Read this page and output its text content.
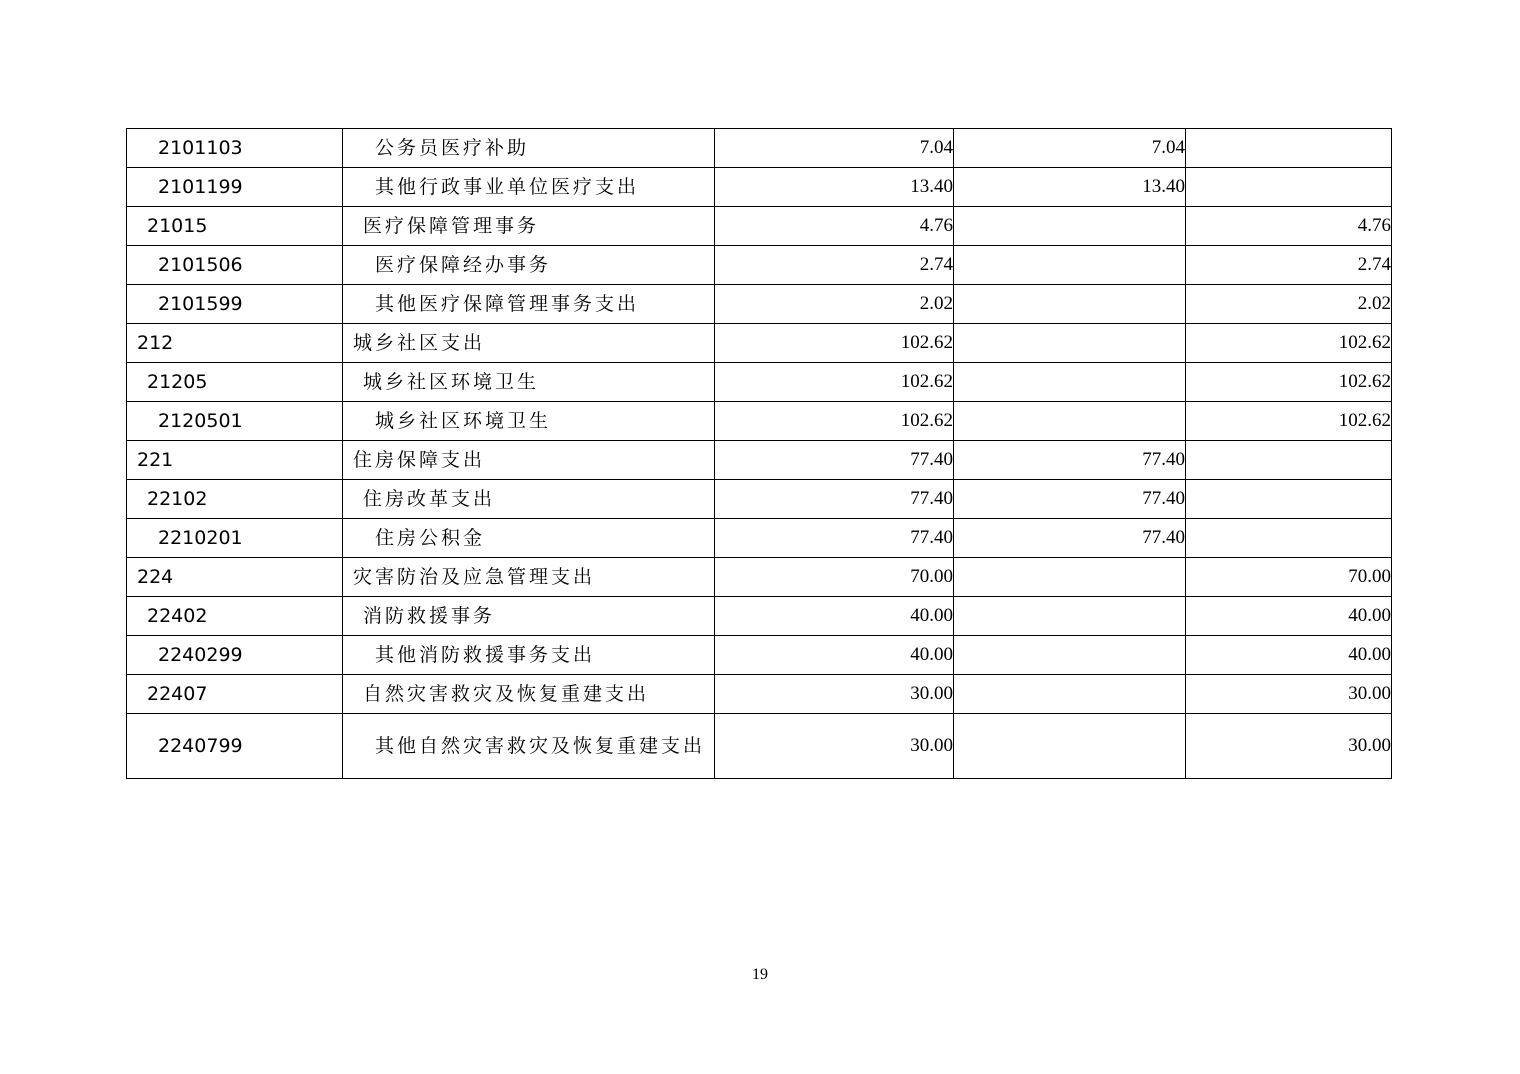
2101103	公务员医疗补助	7.04	7.04	
2101199	其他行政事业单位医疗支出	13.40	13.40	
21015	医疗保障管理事务	4.76		4.76
2101506	医疗保障经办事务	2.74		2.74
2101599	其他医疗保障管理事务支出	2.02		2.02
212	城乡社区支出	102.62		102.62
21205	城乡社区环境卫生	102.62		102.62
2120501	城乡社区环境卫生	102.62		102.62
221	住房保障支出	77.40	77.40	
22102	住房改革支出	77.40	77.40	
2210201	住房公积金	77.40	77.40	
224	灾害防治及应急管理支出	70.00		70.00
22402	消防救援事务	40.00		40.00
2240299	其他消防救援事务支出	40.00		40.00
22407	自然灾害救灾及恢复重建支出	30.00		30.00
2240799	其他自然灾害救灾及恢复重建支出	30.00		30.00
19
